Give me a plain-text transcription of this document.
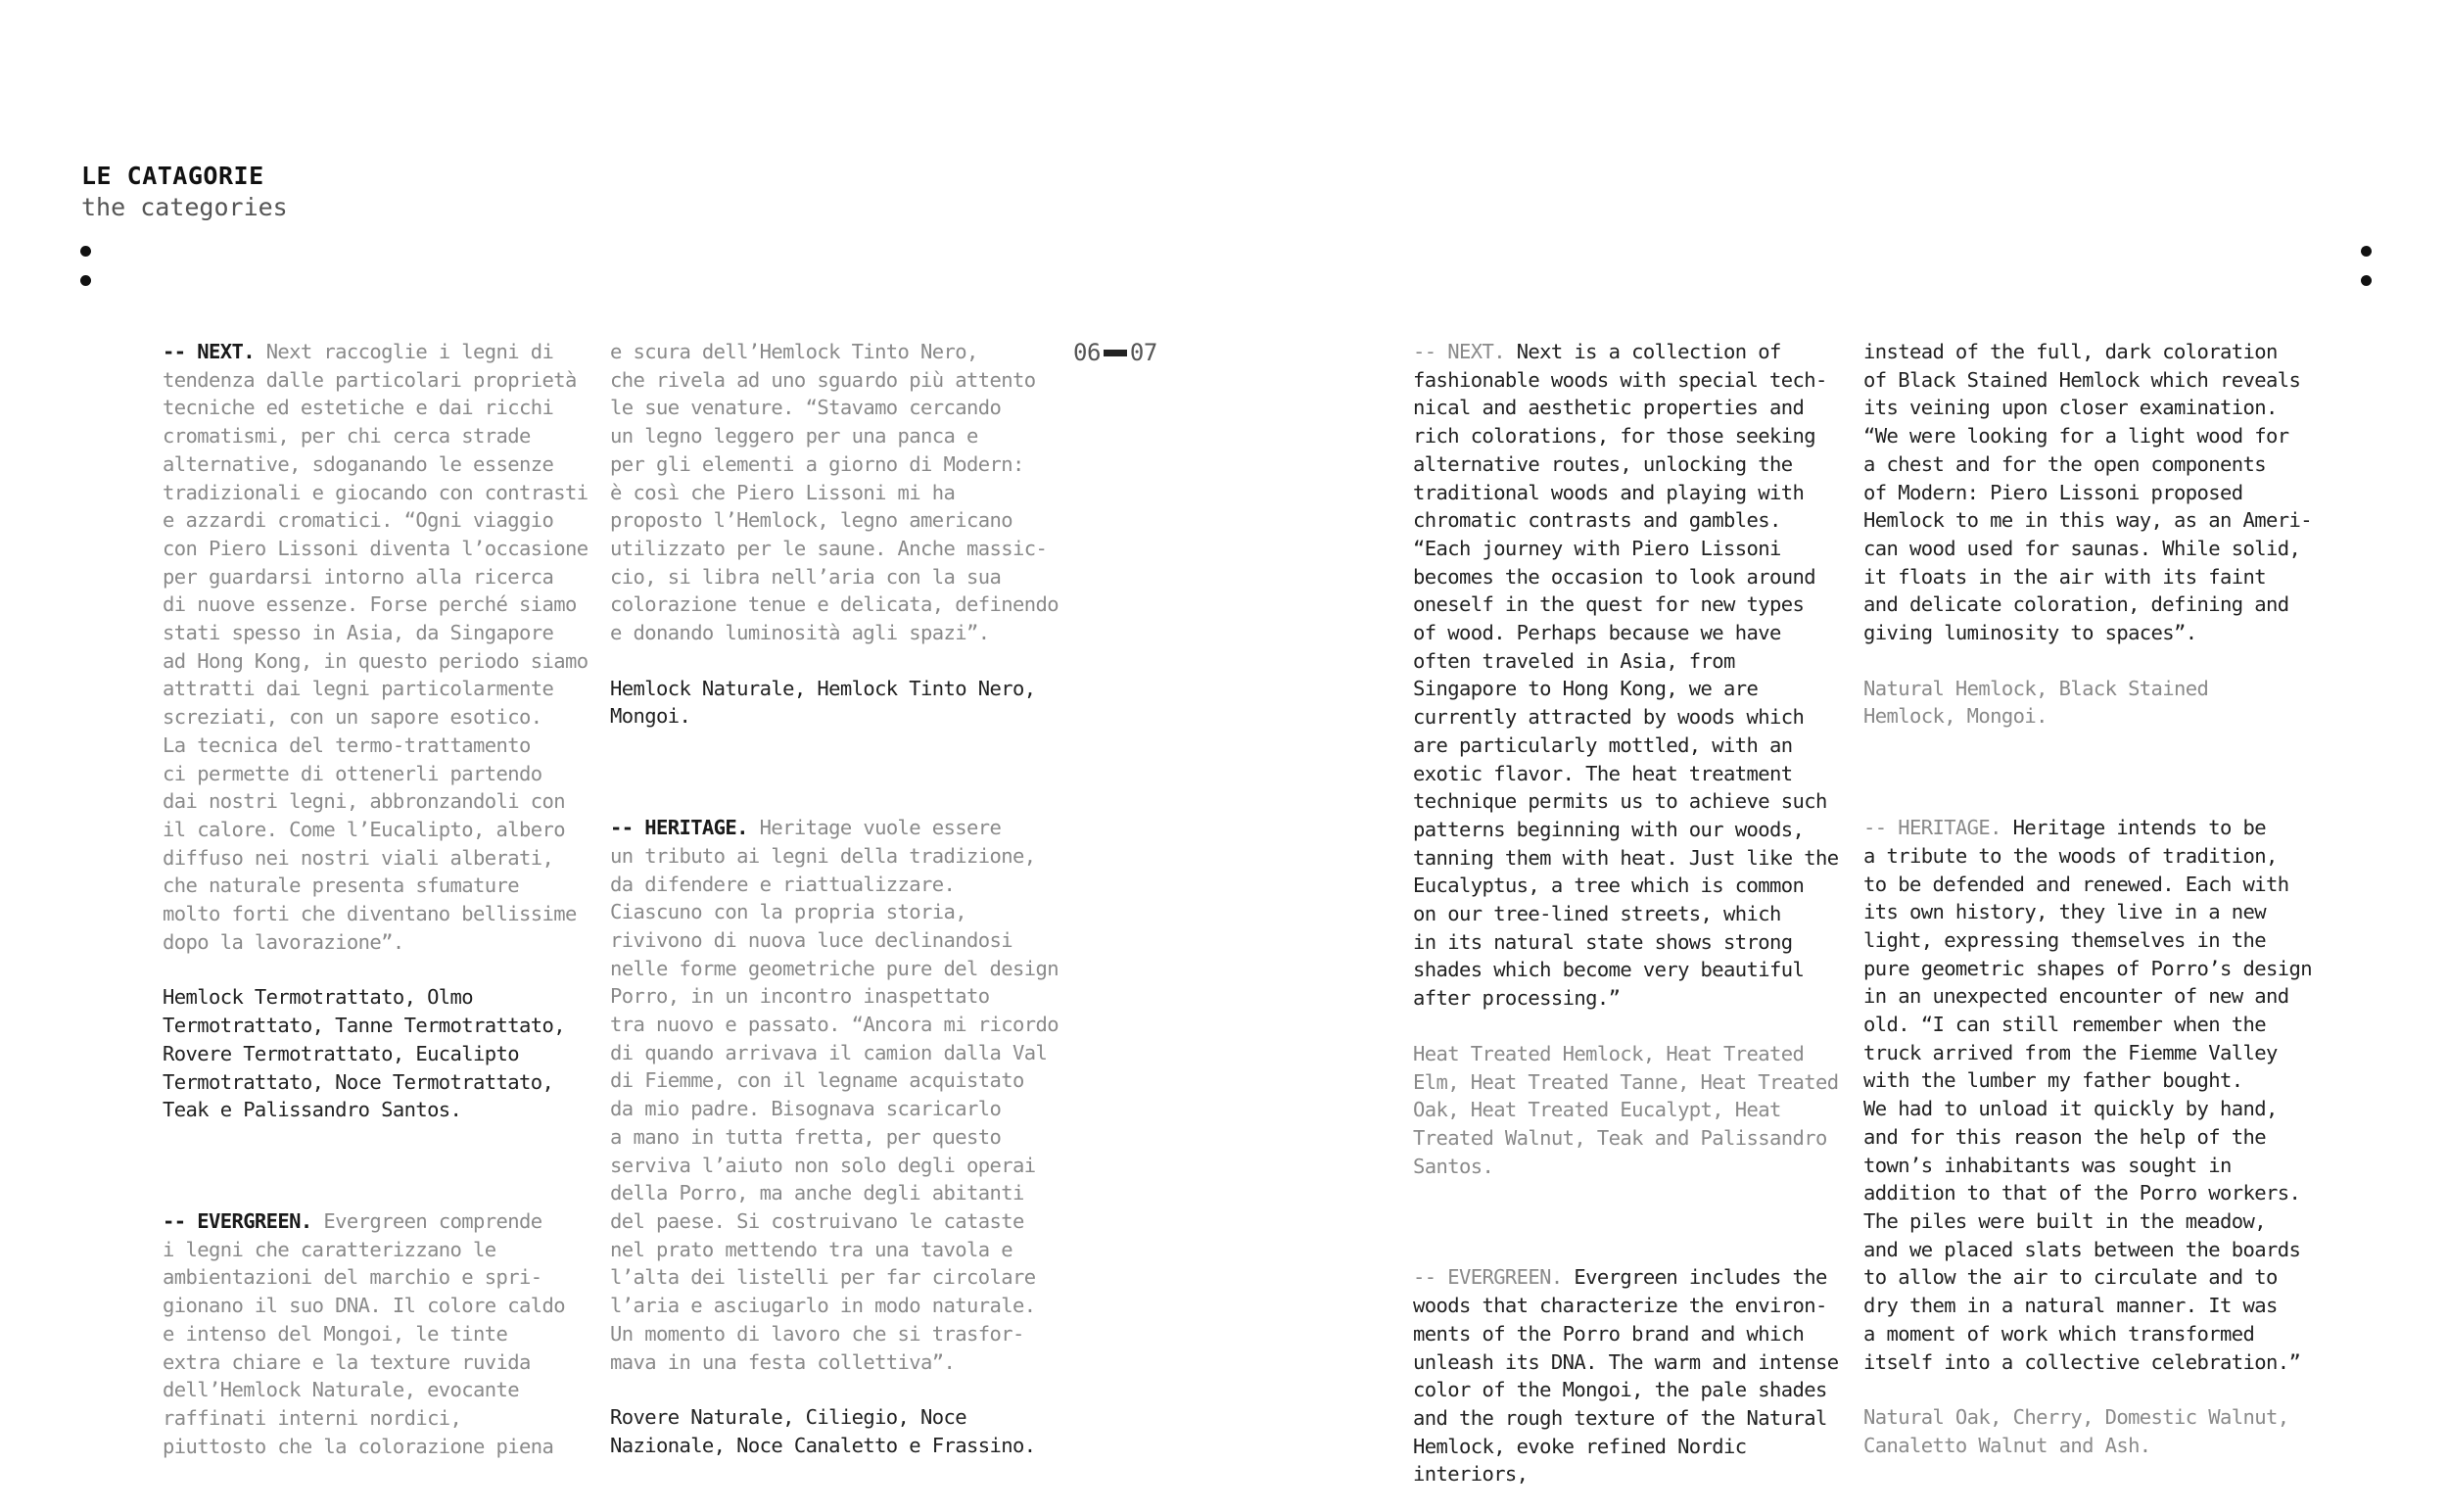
LE CATAGORIE
the categories
06 07

-- NEXT. Next raccoglie i legni di

tendenza dalle particolari proprietà

tecniche ed estetiche e dai ricchi

cromatismi, per chi cerca strade

alternative, sdoganando le essenze

tradizionali e giocando con contrasti

e azzardi cromatici. “Ogni viaggio

con Piero Lissoni diventa l’occasione

per guardarsi intorno alla ricerca

di nuove essenze. Forse perché siamo

stati spesso in Asia, da Singapore

ad Hong Kong, in questo periodo siamo

attratti dai legni particolarmente

screziati, con un sapore esotico.

La tecnica del termo-trattamento

ci permette di ottenerli partendo

dai nostri legni, abbronzandoli con

il calore. Come l’Eucalipto, albero

diffuso nei nostri viali alberati,

che naturale presenta sfumature

molto forti che diventano bellissime

dopo la lavorazione”.

Hemlock Termotrattato, Olmo

Termotrattato, Tanne Termotrattato,

Rovere Termotrattato, Eucalipto

Termotrattato, Noce Termotrattato,

Teak e Palissandro Santos.

-- EVERGREEN. Evergreen comprende

i legni che caratterizzano le

ambientazioni del marchio e spri-

gionano il suo DNA. Il colore caldo

e intenso del Mongoi, le tinte

extra chiare e la texture ruvida

dell’Hemlock Naturale, evocante

raffinati interni nordici,

piuttosto che la colorazione piena

e scura dell’Hemlock Tinto Nero,

che rivela ad uno sguardo più attento

le sue venature. “Stavamo cercando

un legno leggero per una panca e

per gli elementi a giorno di Modern:

è così che Piero Lissoni mi ha

proposto l’Hemlock, legno americano

utilizzato per le saune. Anche massic-

cio, si libra nell’aria con la sua

colorazione tenue e delicata, definendo

e donando luminosità agli spazi”.

Hemlock Naturale, Hemlock Tinto Nero,

Mongoi.

-- HERITAGE. Heritage vuole essere

un tributo ai legni della tradizione,

da difendere e riattualizzare.

Ciascuno con la propria storia,

rivivono di nuova luce declinandosi

nelle forme geometriche pure del design

Porro, in un incontro inaspettato

tra nuovo e passato. “Ancora mi ricordo

di quando arrivava il camion dalla Val

di Fiemme, con il legname acquistato

da mio padre. Bisognava scaricarlo

a mano in tutta fretta, per questo

serviva l’aiuto non solo degli operai

della Porro, ma anche degli abitanti

del paese. Si costruivano le cataste

nel prato mettendo tra una tavola e

l’alta dei listelli per far circolare

l’aria e asciugarlo in modo naturale.

Un momento di lavoro che si trasfor-

mava in una festa collettiva”.

Rovere Naturale, Ciliegio, Noce

Nazionale, Noce Canaletto e Frassino.

-- NEXT. Next is a collection of

fashionable woods with special tech-

nical and aesthetic properties and

rich colorations, for those seeking

alternative routes, unlocking the

traditional woods and playing with

chromatic contrasts and gambles.

“Each journey with Piero Lissoni

becomes the occasion to look around

oneself in the quest for new types

of wood. Perhaps because we have

often traveled in Asia, from

Singapore to Hong Kong, we are

currently attracted by woods which

are particularly mottled, with an

exotic flavor. The heat treatment

technique permits us to achieve such

patterns beginning with our woods,

tanning them with heat. Just like the

Eucalyptus, a tree which is common

on our tree-lined streets, which

in its natural state shows strong

shades which become very beautiful

after processing.”

Heat Treated Hemlock, Heat Treated

Elm, Heat Treated Tanne, Heat Treated

Oak, Heat Treated Eucalypt, Heat

Treated Walnut, Teak and Palissandro

Santos.

-- EVERGREEN. Evergreen includes the

woods that characterize the environ-

ments of the Porro brand and which

unleash its DNA. The warm and intense

color of the Mongoi, the pale shades

and the rough texture of the Natural

Hemlock, evoke refined Nordic interiors,

instead of the full, dark coloration

of Black Stained Hemlock which reveals

its veining upon closer examination.

“We were looking for a light wood for

a chest and for the open components

of Modern: Piero Lissoni proposed

Hemlock to me in this way, as an Ameri-

can wood used for saunas. While solid,

it floats in the air with its faint

and delicate coloration, defining and

giving luminosity to spaces”.

Natural Hemlock, Black Stained

Hemlock, Mongoi.

-- HERITAGE. Heritage intends to be

a tribute to the woods of tradition,

to be defended and renewed. Each with

its own history, they live in a new

light, expressing themselves in the

pure geometric shapes of Porro’s design

in an unexpected encounter of new and

old. “I can still remember when the

truck arrived from the Fiemme Valley

with the lumber my father bought.

We had to unload it quickly by hand,

and for this reason the help of the

town’s inhabitants was sought in

addition to that of the Porro workers.

The piles were built in the meadow,

and we placed slats between the boards

to allow the air to circulate and to

dry them in a natural manner. It was

a moment of work which transformed

itself into a collective celebration.”

Natural Oak, Cherry, Domestic Walnut,

Canaletto Walnut and Ash.
